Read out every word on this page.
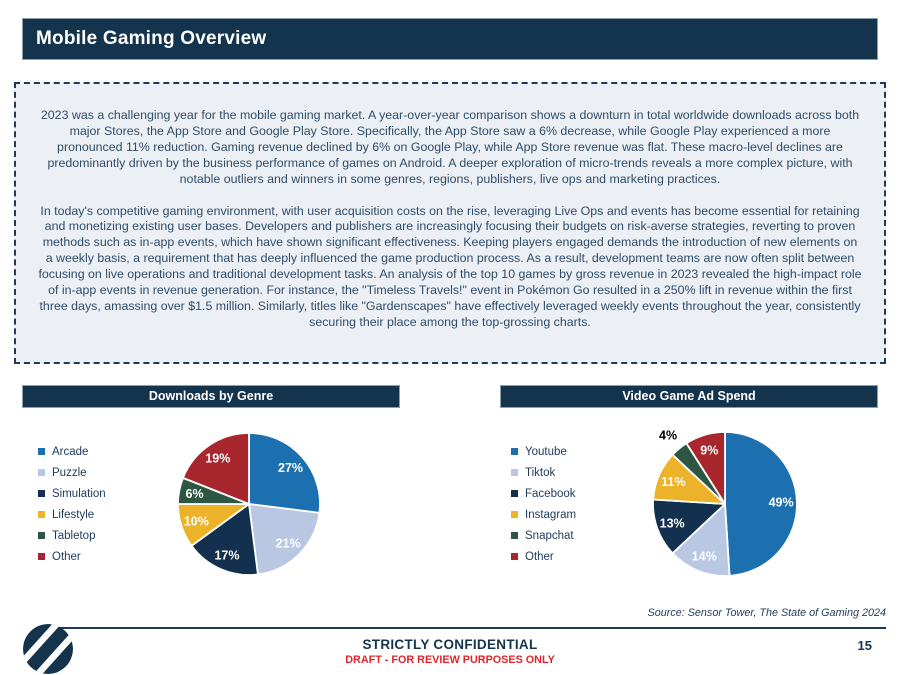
Mobile Gaming Overview

2023 was a challenging year for the mobile gaming market. A year-over-year comparison shows a downturn in total worldwide downloads across both major Stores, the App Store and Google Play Store. Specifically, the App Store saw a 6% decrease, while Google Play experienced a more pronounced 11% reduction. Gaming revenue declined by 6% on Google Play, while App Store revenue was flat. These macro-level declines are predominantly driven by the business performance of games on Android. A deeper exploration of micro-trends reveals a more complex picture, with notable outliers and winners in some genres, regions, publishers, live ops and marketing practices.

In today's competitive gaming environment, with user acquisition costs on the rise, leveraging Live Ops and events has become essential for retaining and monetizing existing user bases. Developers and publishers are increasingly focusing their budgets on risk-averse strategies, reverting to proven methods such as in-app events, which have shown significant effectiveness. Keeping players engaged demands the introduction of new elements on a weekly basis, a requirement that has deeply influenced the game production process. As a result, development teams are now often split between focusing on live operations and traditional development tasks. An analysis of the top 10 games by gross revenue in 2023 revealed the high-impact role of in-app events in revenue generation. For instance, the "Timeless Travels!" event in Pokémon Go resulted in a 250% lift in revenue within the first three days, amassing over $1.5 million. Similarly, titles like "Gardenscapes" have effectively leveraged weekly events throughout the year, consistently securing their place among the top-grossing charts.

Downloads by Genre	Video Game Ad Spend
Arcade
Puzzle
Simulation
Lifestyle
Tabletop
Other
Youtube
Tiktok
Facebook
Instagram
Snapchat
Other
27%
21%
17%
10%
6%
19%
49%
14%
13%
11%
4%
9%
Source: Sensor Tower, The State of Gaming 2024
STRICTLY CONFIDENTIAL
DRAFT - FOR REVIEW PURPOSES ONLY
15
